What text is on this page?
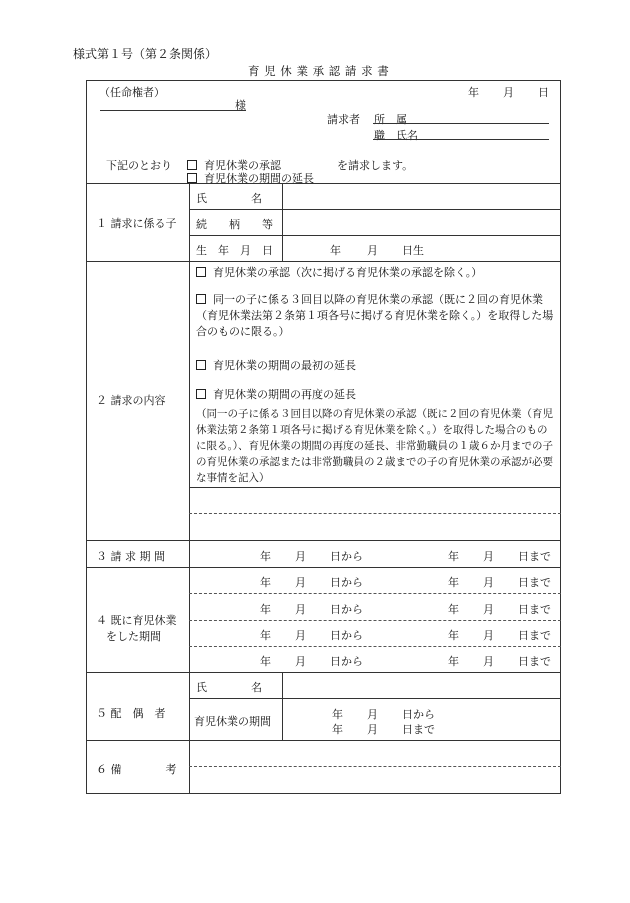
様式第１号（第２条関係）
育 児 休 業 承 認 請 求 書
（任命権者）	年 月 日
様
請求者 所　属
職　氏名
下記のとおり	育児休業の承認	を請求します。
育児休業の期間の延長
１ 請求に係る子
氏　　　　名
続　　柄　　等
生　年　月　日	年 月 日生
２ 請求の内容
育児休業の承認（次に掲げる育児休業の承認を除く。）
同一の子に係る３回目以降の育児休業の承認（既に２回の育児休業（育児休業法第２条第１項各号に掲げる育児休業を除く。）を取得した場合のものに限る。）
育児休業の期間の最初の延長
育児休業の期間の再度の延長
（同一の子に係る３回目以降の育児休業の承認（既に２回の育児休業（育児休業法第２条第１項各号に掲げる育児休業を除く。）を取得した場合のものに限る。）、育児休業の期間の再度の延長、非常勤職員の１歳６か月までの子の育児休業の承認または非常勤職員の２歳までの子の育児休業の承認が必要な事情を記入）
３ 請 求 期 間	年 月 日から	年 月 日まで
４ 既に育児休業
をした期間
年 月 日から	年 月 日まで
年 月 日から	年 月 日まで
年 月 日から	年 月 日まで
年 月 日から	年 月 日まで
５ 配　偶　者
氏　　　　名
育児休業の期間
年 月 日から
年 月 日まで
６ 備　　　　考
